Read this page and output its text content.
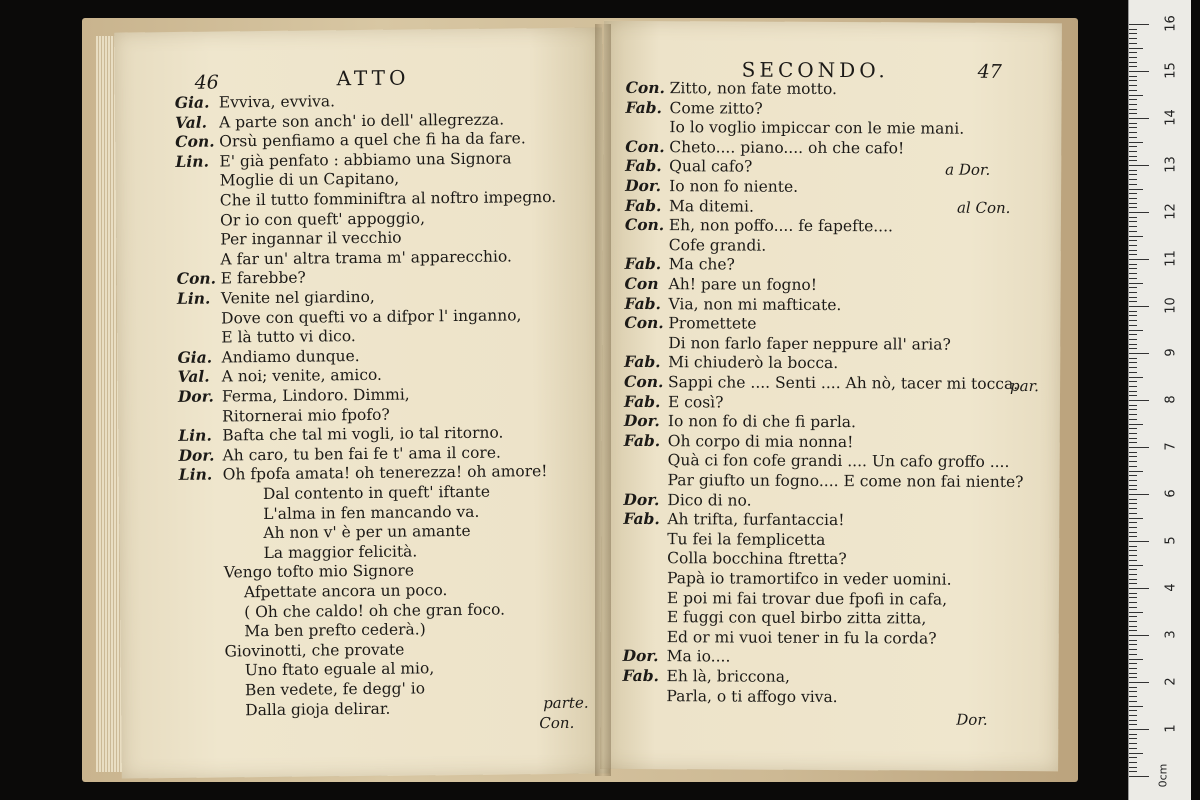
46	ATTO
Gia. Evviva, evviva.
Val. A parte son anch' io dell' allegrezza.
Con. Orsù penfiamo a quel che fi ha da fare.
Lin. E' già penfato : abbiamo una Signora
Moglie di un Capitano,
Che il tutto fomminiftra al noftro impegno.
Or io con queft' appoggio,
Per ingannar il vecchio
A far un' altra trama m' apparecchio.
Con. E farebbe?
Lin. Venite nel giardino,
Dove con quefti vo a difpor l' inganno,
E là tutto vi dico.
Gia. Andiamo dunque.
Val. A noi; venite, amico.
Dor. Ferma, Lindoro. Dimmi,
Ritornerai mio fpofo?
Lin. Bafta che tal mi vogli, io tal ritorno.
Dor. Ah caro, tu ben fai fe t' ama il core.
Lin. Oh fpofa amata! oh tenerezza! oh amore!
Dal contento in queft' iftante
L'alma in fen mancando va.
Ah non v' è per un amante
La maggior felicità.
Vengo tofto mio Signore
Afpettate ancora un poco.
( Oh che caldo! oh che gran foco.
Ma ben prefto cederà.)
Giovinotti, che provate
Uno ftato eguale al mio,
Ben vedete, fe degg' io
Dalla gioja delirar.	parte.
Con.
SECONDO.	47
Con. Zitto, non fate motto.
Fab. Come zitto?
Io lo voglio impiccar con le mie mani.
Con. Cheto.... piano.... oh che cafo!
Fab. Qual cafo?
Dor. Io non fo niente.
Fab. Ma ditemi.
Con. Eh, non poffo.... fe fapefte....
Cofe grandi.
Fab. Ma che?
Con Ah! pare un fogno!
Fab. Via, non mi mafticate.
Con. Promettete
Di non farlo faper neppure all' aria?
Fab. Mi chiuderò la bocca.
Con. Sappi che .... Senti .... Ah nò, tacer mi tocca.
Fab. E così?
Dor. Io non fo di che fi parla.
Fab. Oh corpo di mia nonna!
Quà ci fon cofe grandi .... Un cafo groffo ....
Par giufto un fogno.... E come non fai niente?
Dor. Dico di no.
Fab. Ah trifta, furfantaccia!
Tu fei la femplicetta
Colla bocchina ftretta?
Papà io tramortifco in veder uomini.
E poi mi fai trovar due fpofi in cafa,
E fuggi con quel birbo zitta zitta,
Ed or mi vuoi tener in fu la corda?
Dor. Ma io....
Fab. Eh là, briccona,
Parla, o ti affogo viva.
a Dor.
al Con.
par.
Dor.	1
2
3
4
5
6
7
8
9
10
11
12
13
14
15
16
0cm
